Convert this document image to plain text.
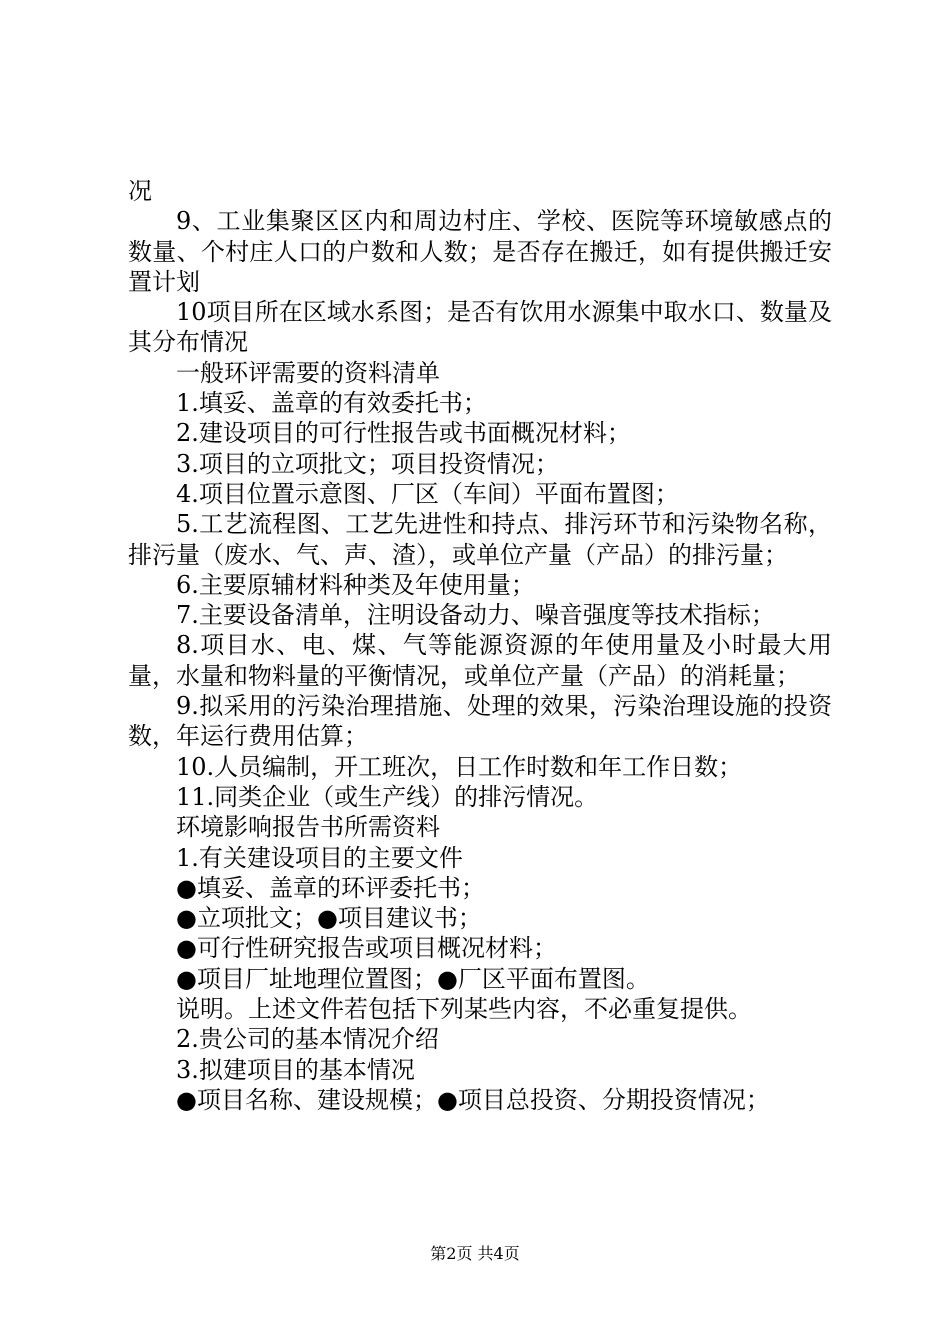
况

9、工业集聚区区内和周边村庄、学校、医院等环境敏感点的数量、个村庄人口的户数和人数；是否存在搬迁，如有提供搬迁安置计划

10项目所在区域水系图；是否有饮用水源集中取水口、数量及其分布情况

一般环评需要的资料清单

1.填妥、盖章的有效委托书；

2.建设项目的可行性报告或书面概况材料；

3.项目的立项批文；项目投资情况；

4.项目位置示意图、厂区（车间）平面布置图；

5.工艺流程图、工艺先进性和持点、排污环节和污染物名称，排污量（废水、气、声、渣），或单位产量（产品）的排污量；

6.主要原辅材料种类及年使用量；

7.主要设备清单，注明设备动力、噪音强度等技术指标；

8.项目水、电、煤、气等能源资源的年使用量及小时最大用量，水量和物料量的平衡情况，或单位产量（产品）的消耗量；

9.拟采用的污染治理措施、处理的效果，污染治理设施的投资数，年运行费用估算；

10.人员编制，开工班次，日工作时数和年工作日数；

11.同类企业（或生产线）的排污情况。

环境影响报告书所需资料

1.有关建设项目的主要文件

●填妥、盖章的环评委托书；

●立项批文；●项目建议书；

●可行性研究报告或项目概况材料；

●项目厂址地理位置图；●厂区平面布置图。

说明。上述文件若包括下列某些内容，不必重复提供。

2.贵公司的基本情况介绍

3.拟建项目的基本情况

●项目名称、建设规模；●项目总投资、分期投资情况；

第2页 共4页
